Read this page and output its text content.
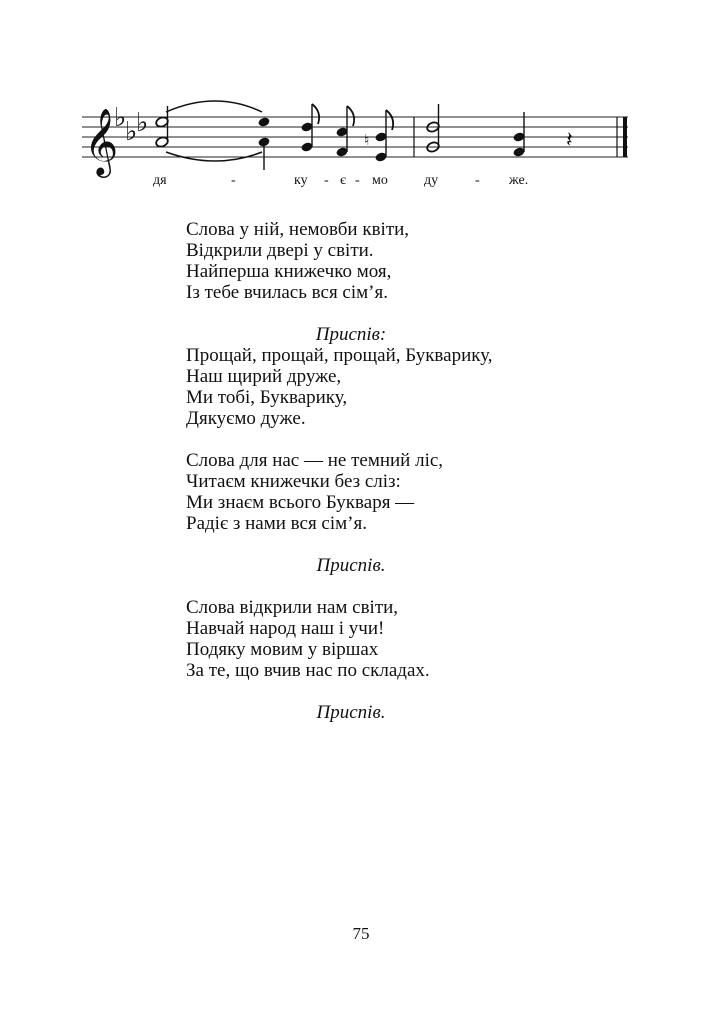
𝄞
♭
♭
♭
♮	𝄽
дя	-	ку - є - мо	ду	- же.
Слова у ній, немовби квіти,
Відкрили двері у світи.
Найперша книжечко моя,
Із тебе вчилась вся сім’я.
Приспів:
Прощай, прощай, прощай, Букварику,
Наш щирий друже,
Ми тобі, Букварику,
Дякуємо дуже.
Слова для нас — не темний ліс,
Читаєм книжечки без сліз:
Ми знаєм всього Букваря —
Радіє з нами вся сім’я.
Приспів.
Слова відкрили нам світи,
Навчай народ наш і учи!
Подяку мовим у віршах
За те, що вчив нас по складах.
Приспів.
75
